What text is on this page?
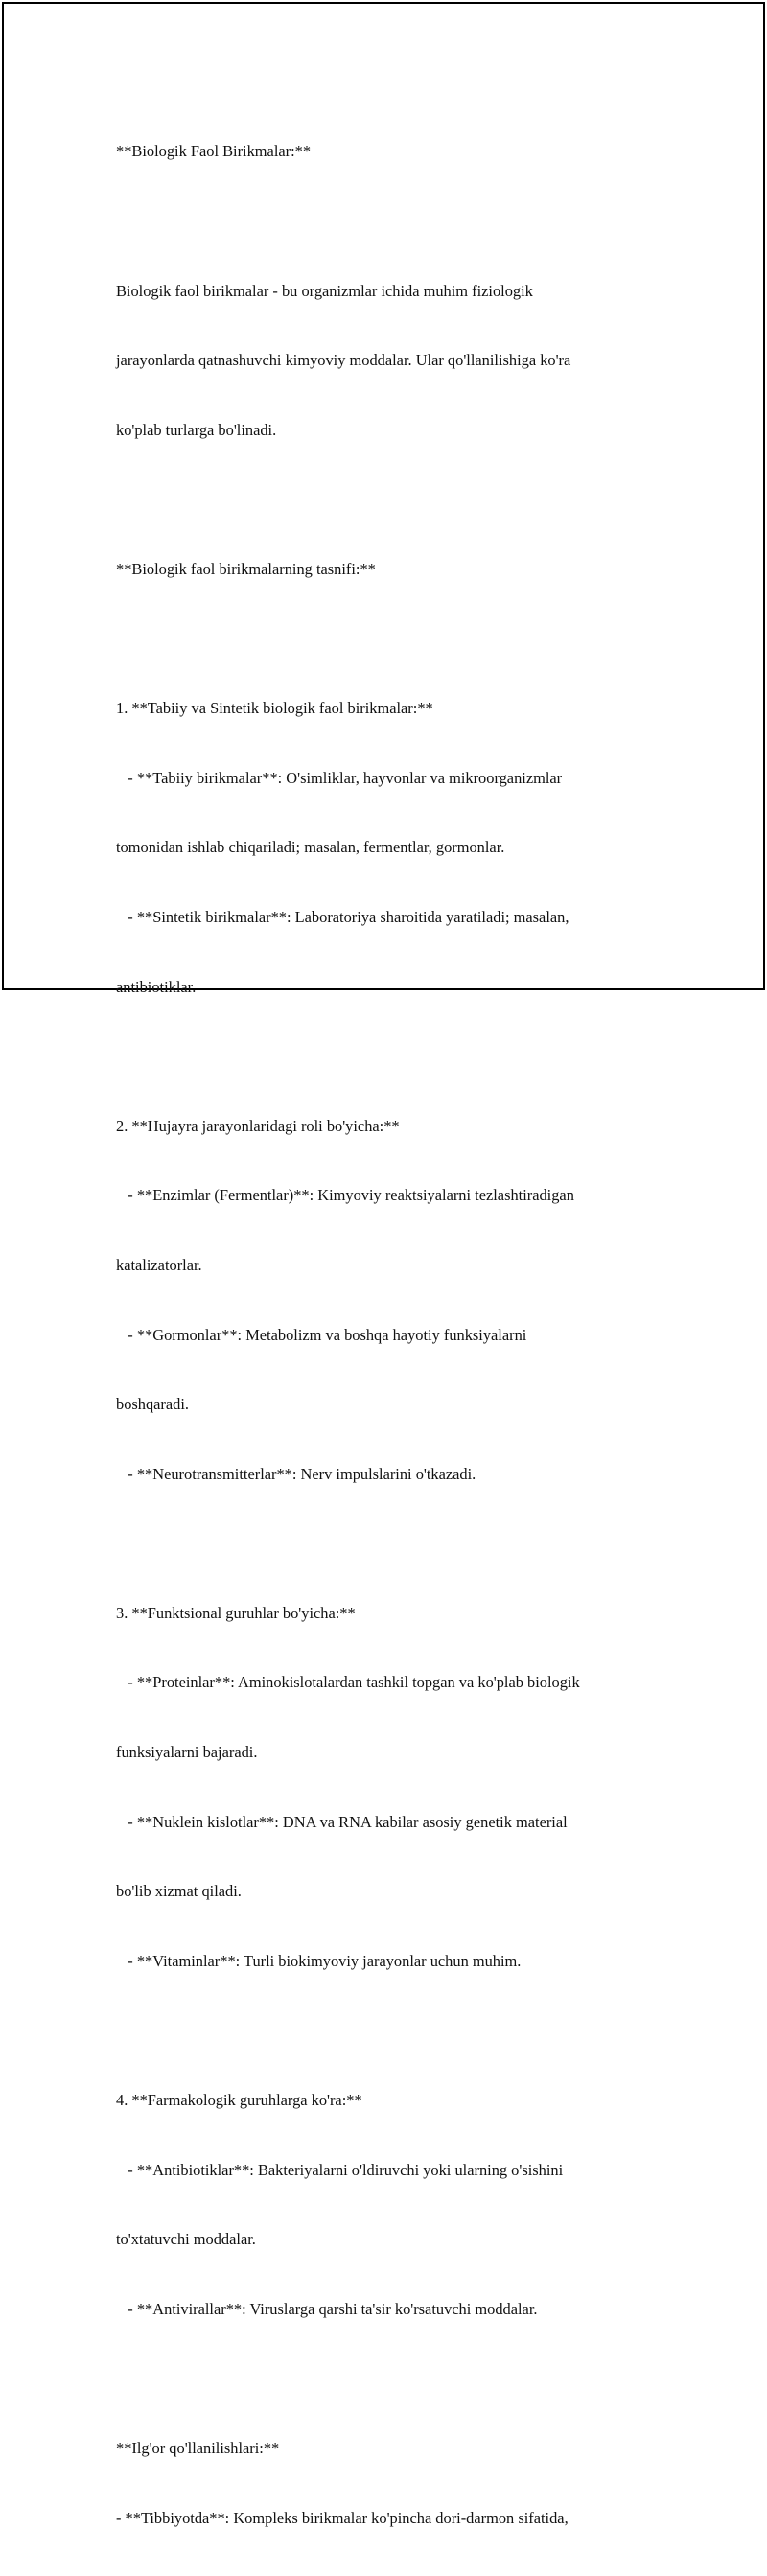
**Biologik Faol Birikmalar:**

Biologik faol birikmalar - bu organizmlar ichida muhim fiziologik

jarayonlarda qatnashuvchi kimyoviy moddalar. Ular qo'llanilishiga ko'ra

ko'plab turlarga bo'linadi.

**Biologik faol birikmalarning tasnifi:**

1. **Tabiiy va Sintetik biologik faol birikmalar:**

- **Tabiiy birikmalar**: O'simliklar, hayvonlar va mikroorganizmlar

tomonidan ishlab chiqariladi; masalan, fermentlar, gormonlar.

- **Sintetik birikmalar**: Laboratoriya sharoitida yaratiladi; masalan,

antibiotiklar.

2. **Hujayra jarayonlaridagi roli bo'yicha:**

- **Enzimlar (Fermentlar)**: Kimyoviy reaktsiyalarni tezlashtiradigan

katalizatorlar.

- **Gormonlar**: Metabolizm va boshqa hayotiy funksiyalarni

boshqaradi.

- **Neurotransmitterlar**: Nerv impulslarini o'tkazadi.

3. **Funktsional guruhlar bo'yicha:**

- **Proteinlar**: Aminokislotalardan tashkil topgan va ko'plab biologik

funksiyalarni bajaradi.

- **Nuklein kislotlar**: DNA va RNA kabilar asosiy genetik material

bo'lib xizmat qiladi.

- **Vitaminlar**: Turli biokimyoviy jarayonlar uchun muhim.

4. **Farmakologik guruhlarga ko'ra:**

- **Antibiotiklar**: Bakteriyalarni o'ldiruvchi yoki ularning o'sishini

to'xtatuvchi moddalar.

- **Antivirallar**: Viruslarga qarshi ta'sir ko'rsatuvchi moddalar.

**Ilg'or qo'llanilishlari:**

- **Tibbiyotda**: Kompleks birikmalar ko'pincha dori-darmon sifatida,
